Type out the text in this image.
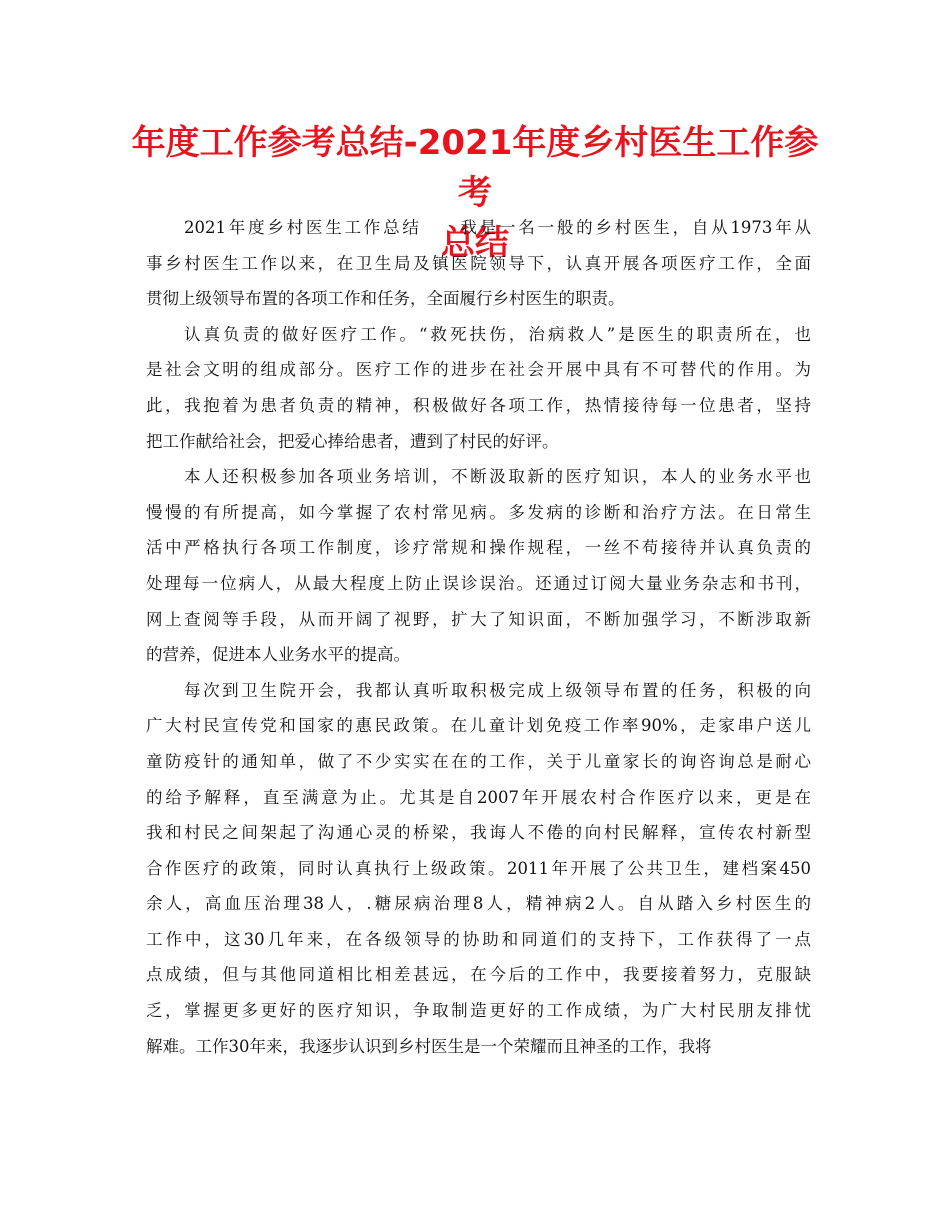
年度工作参考总结-2021年度乡村医生工作参考
总结
2021年度乡村医生工作总结 我是一名一般的乡村医生，自从1973年从
事乡村医生工作以来，在卫生局及镇医院领导下，认真开展各项医疗工作，全面
贯彻上级领导布置的各项工作和任务，全面履行乡村医生的职责。
认真负责的做好医疗工作。“救死扶伤，治病救人”是医生的职责所在，也
是社会文明的组成部分。医疗工作的进步在社会开展中具有不可替代的作用。为
此，我抱着为患者负责的精神，积极做好各项工作，热情接待每一位患者，坚持
把工作献给社会，把爱心捧给患者，遭到了村民的好评。
本人还积极参加各项业务培训，不断汲取新的医疗知识，本人的业务水平也
慢慢的有所提高，如今掌握了农村常见病。多发病的诊断和治疗方法。在日常生
活中严格执行各项工作制度，诊疗常规和操作规程，一丝不苟接待并认真负责的
处理每一位病人，从最大程度上防止误诊误治。还通过订阅大量业务杂志和书刊，
网上查阅等手段，从而开阔了视野，扩大了知识面，不断加强学习，不断涉取新
的营养，促进本人业务水平的提高。
每次到卫生院开会，我都认真听取积极完成上级领导布置的任务，积极的向
广大村民宣传党和国家的惠民政策。在儿童计划免疫工作率90%，走家串户送儿
童防疫针的通知单，做了不少实实在在的工作，关于儿童家长的询咨询总是耐心
的给予解释，直至满意为止。尤其是自2007年开展农村合作医疗以来，更是在
我和村民之间架起了沟通心灵的桥梁，我诲人不倦的向村民解释，宣传农村新型
合作医疗的政策，同时认真执行上级政策。2011年开展了公共卫生，建档案450
余人，高血压治理38人，.糖尿病治理8人，精神病2人。自从踏入乡村医生的
工作中，这30几年来，在各级领导的协助和同道们的支持下，工作获得了一点
点成绩，但与其他同道相比相差甚远，在今后的工作中，我要接着努力，克服缺
乏，掌握更多更好的医疗知识，争取制造更好的工作成绩，为广大村民朋友排忧
解难。工作30年来，我逐步认识到乡村医生是一个荣耀而且神圣的工作，我将
